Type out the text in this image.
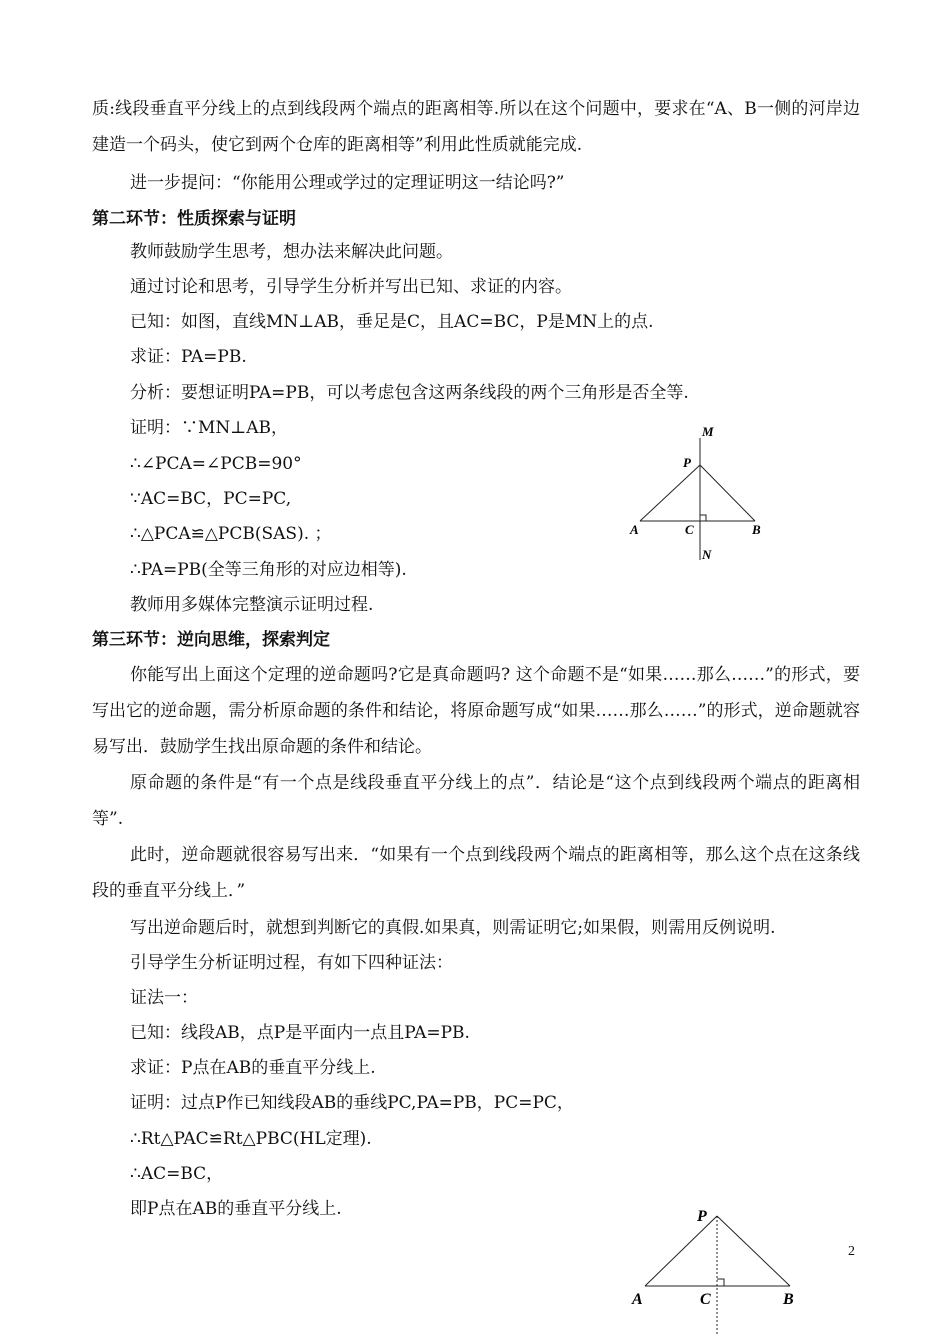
质:线段垂直平分线上的点到线段两个端点的距离相等.所以在这个问题中，要求在“A、B一侧的河岸边建造一个码头，使它到两个仓库的距离相等”利用此性质就能完成.
进一步提问：“你能用公理或学过的定理证明这一结论吗?”
第二环节：性质探索与证明
教师鼓励学生思考，想办法来解决此问题。
通过讨论和思考，引导学生分析并写出已知、求证的内容。
已知：如图，直线MN⊥AB，垂足是C，且AC=BC，P是MN上的点.
求证：PA=PB.
分析：要想证明PA=PB，可以考虑包含这两条线段的两个三角形是否全等.
证明：∵MN⊥AB，
∴∠PCA=∠PCB=90°
∵AC=BC，PC=PC,
∴△PCA≌△PCB(SAS). ；
∴PA=PB(全等三角形的对应边相等).
教师用多媒体完整演示证明过程.
第三环节：逆向思维，探索判定
你能写出上面这个定理的逆命题吗?它是真命题吗? 这个命题不是“如果……那么……”的形式，要写出它的逆命题，需分析原命题的条件和结论，将原命题写成“如果……那么……”的形式，逆命题就容易写出．鼓励学生找出原命题的条件和结论。
原命题的条件是“有一个点是线段垂直平分线上的点”．结论是“这个点到线段两个端点的距离相等”.
此时，逆命题就很容易写出来．“如果有一个点到线段两个端点的距离相等，那么这个点在这条线段的垂直平分线上．”
写出逆命题后时，就想到判断它的真假.如果真，则需证明它;如果假，则需用反例说明.
引导学生分析证明过程，有如下四种证法：
证法一：
已知：线段AB，点P是平面内一点且PA=PB.
求证：P点在AB的垂直平分线上.
证明：过点P作已知线段AB的垂线PC,PA=PB，PC=PC，
∴Rt△PAC≌Rt△PBC(HL定理).
∴AC=BC，
即P点在AB的垂直平分线上.
M
P
A	C	B
N
P
A	C	B
2
